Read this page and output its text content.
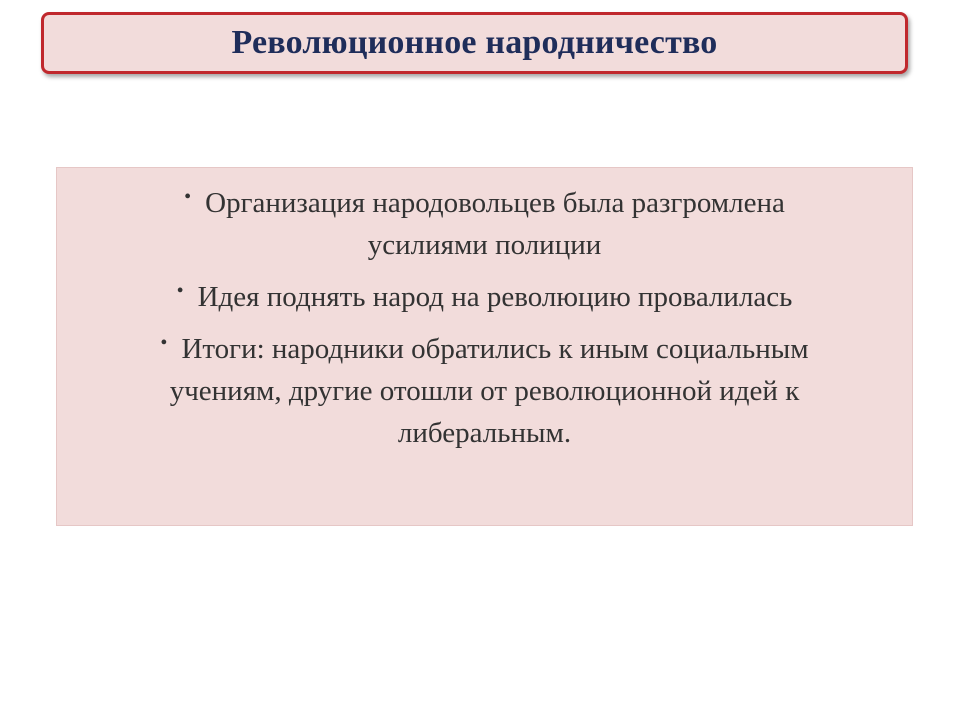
Революционное народничество
• Организация народовольцев была разгромлена усилиями полиции
• Идея поднять народ на революцию провалилась
• Итоги: народники обратились к иным социальным учениям, другие отошли от революционной идей к либеральным.
